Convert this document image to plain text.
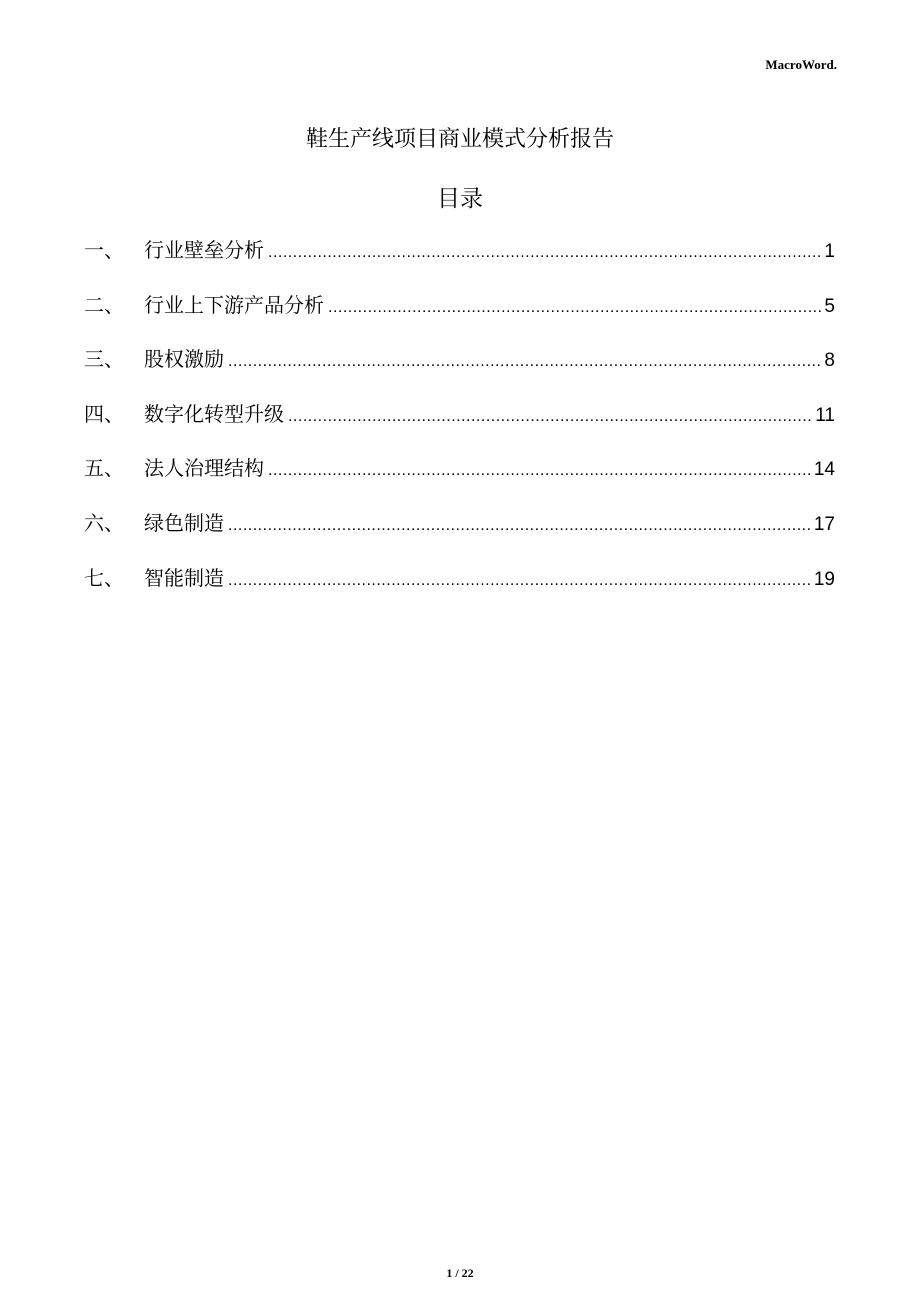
MacroWord.
鞋生产线项目商业模式分析报告
目录
一、	行业壁垒分析 .....	1
二、	行业上下游产品分析 .....	5
三、	股权激励 .....	8
四、	数字化转型升级 .....	11
五、	法人治理结构 .....	14
六、	绿色制造 .....	17
七、	智能制造 .....	19
1 / 22
